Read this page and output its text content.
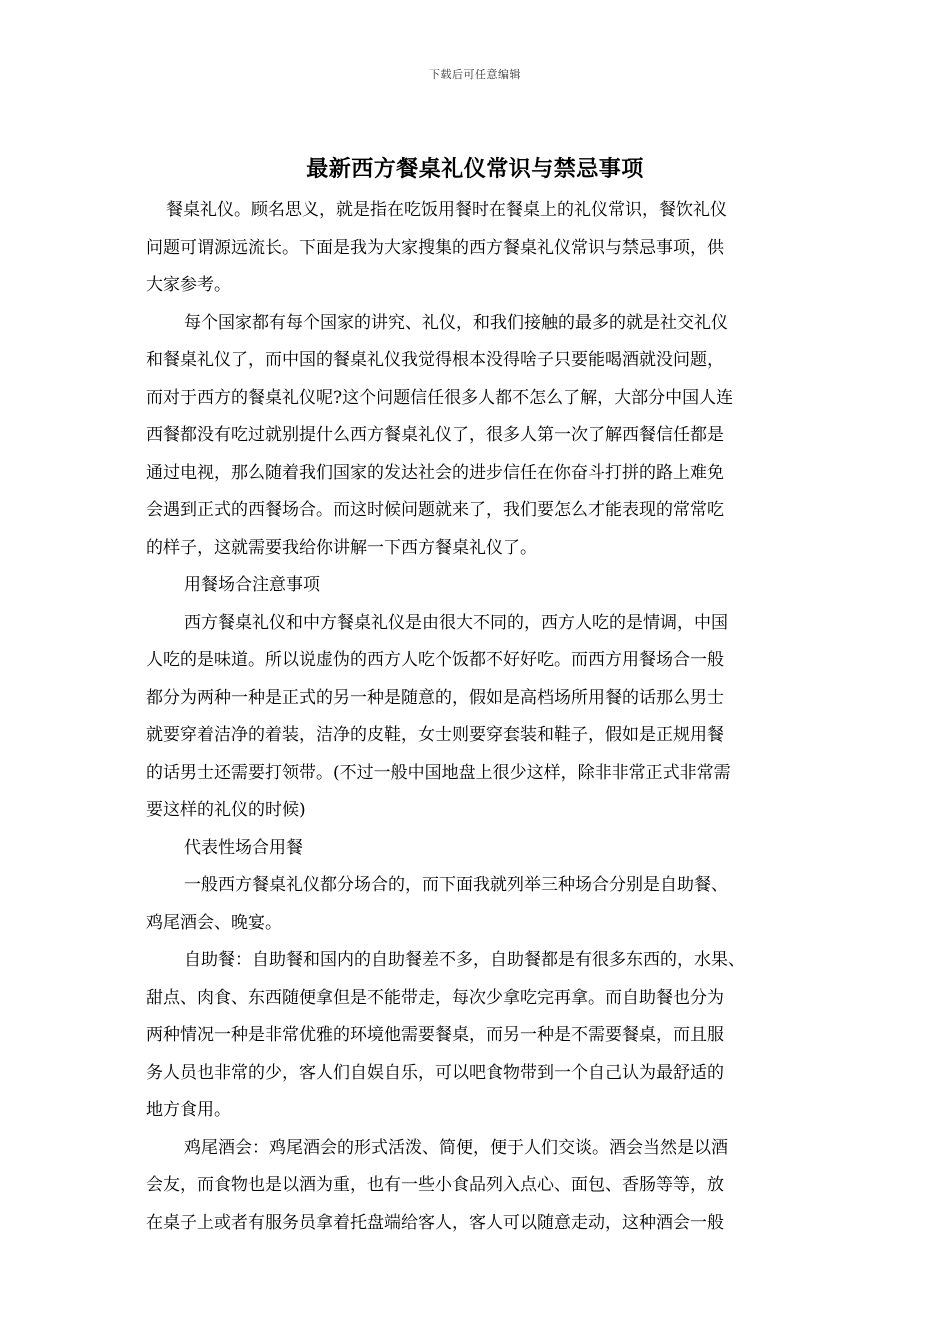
下载后可任意编辑
最新西方餐桌礼仪常识与禁忌事项
餐桌礼仪。顾名思义，就是指在吃饭用餐时在餐桌上的礼仪常识，餐饮礼仪
问题可谓源远流长。下面是我为大家搜集的西方餐桌礼仪常识与禁忌事项，供
大家参考。
每个国家都有每个国家的讲究、礼仪，和我们接触的最多的就是社交礼仪
和餐桌礼仪了，而中国的餐桌礼仪我觉得根本没得啥子只要能喝酒就没问题，
而对于西方的餐桌礼仪呢?这个问题信任很多人都不怎么了解，大部分中国人连
西餐都没有吃过就别提什么西方餐桌礼仪了，很多人第一次了解西餐信任都是
通过电视，那么随着我们国家的发达社会的进步信任在你奋斗打拼的路上难免
会遇到正式的西餐场合。而这时候问题就来了，我们要怎么才能表现的常常吃
的样子，这就需要我给你讲解一下西方餐桌礼仪了。
用餐场合注意事项
西方餐桌礼仪和中方餐桌礼仪是由很大不同的，西方人吃的是情调，中国
人吃的是味道。所以说虚伪的西方人吃个饭都不好好吃。而西方用餐场合一般
都分为两种一种是正式的另一种是随意的，假如是高档场所用餐的话那么男士
就要穿着洁净的着装，洁净的皮鞋，女士则要穿套装和鞋子，假如是正规用餐
的话男士还需要打领带。(不过一般中国地盘上很少这样，除非非常正式非常需
要这样的礼仪的时候)
代表性场合用餐
一般西方餐桌礼仪都分场合的，而下面我就列举三种场合分别是自助餐、
鸡尾酒会、晚宴。
自助餐：自助餐和国内的自助餐差不多，自助餐都是有很多东西的，水果、
甜点、肉食、东西随便拿但是不能带走，每次少拿吃完再拿。而自助餐也分为
两种情况一种是非常优雅的环境他需要餐桌，而另一种是不需要餐桌，而且服
务人员也非常的少，客人们自娱自乐，可以吧食物带到一个自己认为最舒适的
地方食用。
鸡尾酒会：鸡尾酒会的形式活泼、简便，便于人们交谈。酒会当然是以酒
会友，而食物也是以酒为重，也有一些小食品列入点心、面包、香肠等等，放
在桌子上或者有服务员拿着托盘端给客人，客人可以随意走动，这种酒会一般
